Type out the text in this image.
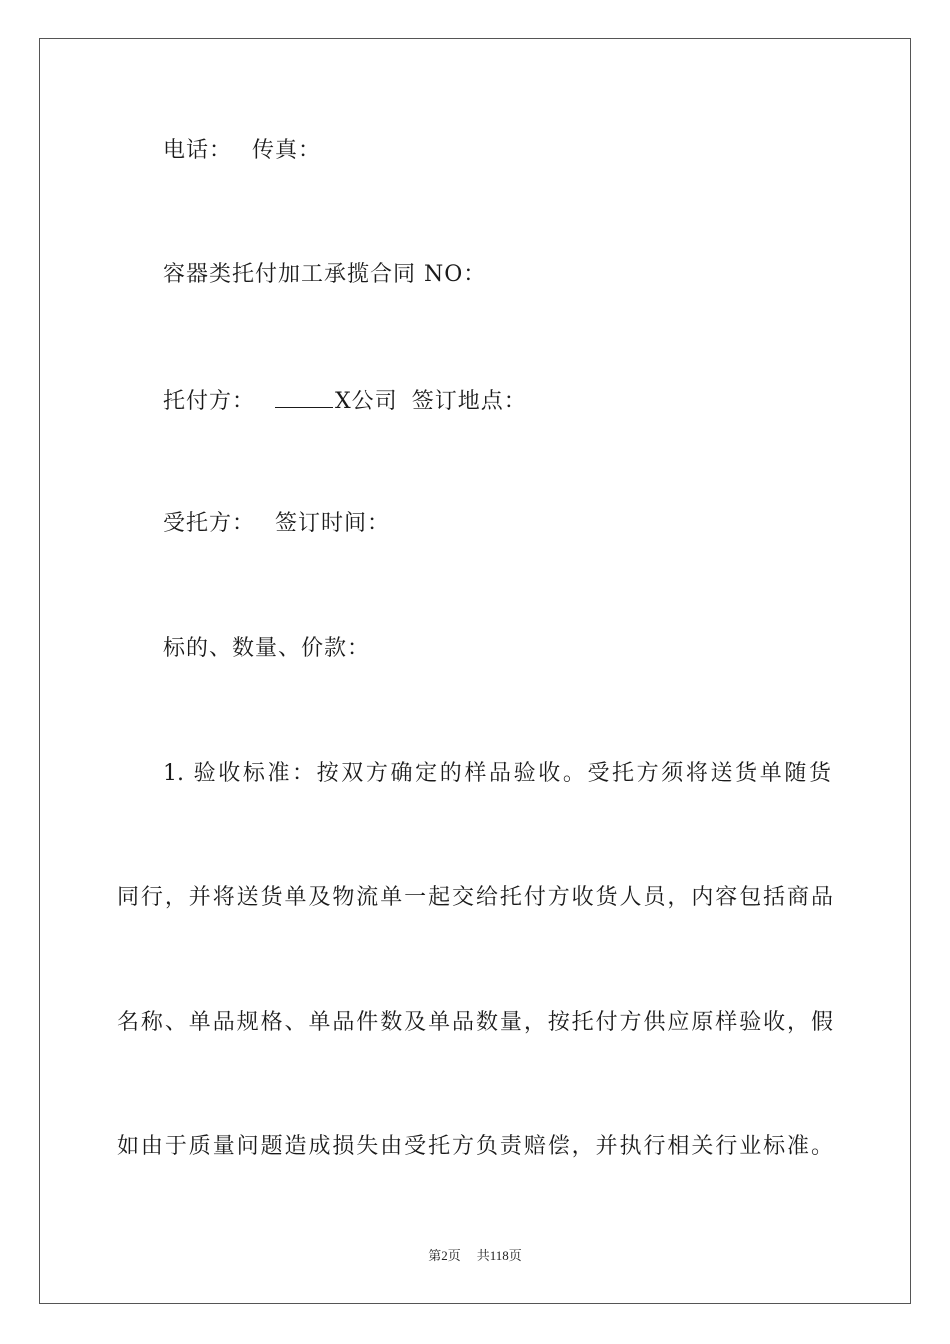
电话： 传真：
容器类托付加工承揽合同 NO：
托付方：	X公司 签订地点：
受托方： 签订时间：
标的、数量、价款：
1. 验收标准：按双方确定的样品验收。受托方须将送货单随货
同行，并将送货单及物流单一起交给托付方收货人员，内容包括商品
名称、单品规格、单品件数及单品数量，按托付方供应原样验收，假
如由于质量问题造成损失由受托方负责赔偿，并执行相关行业标准。
第2页 共118页
